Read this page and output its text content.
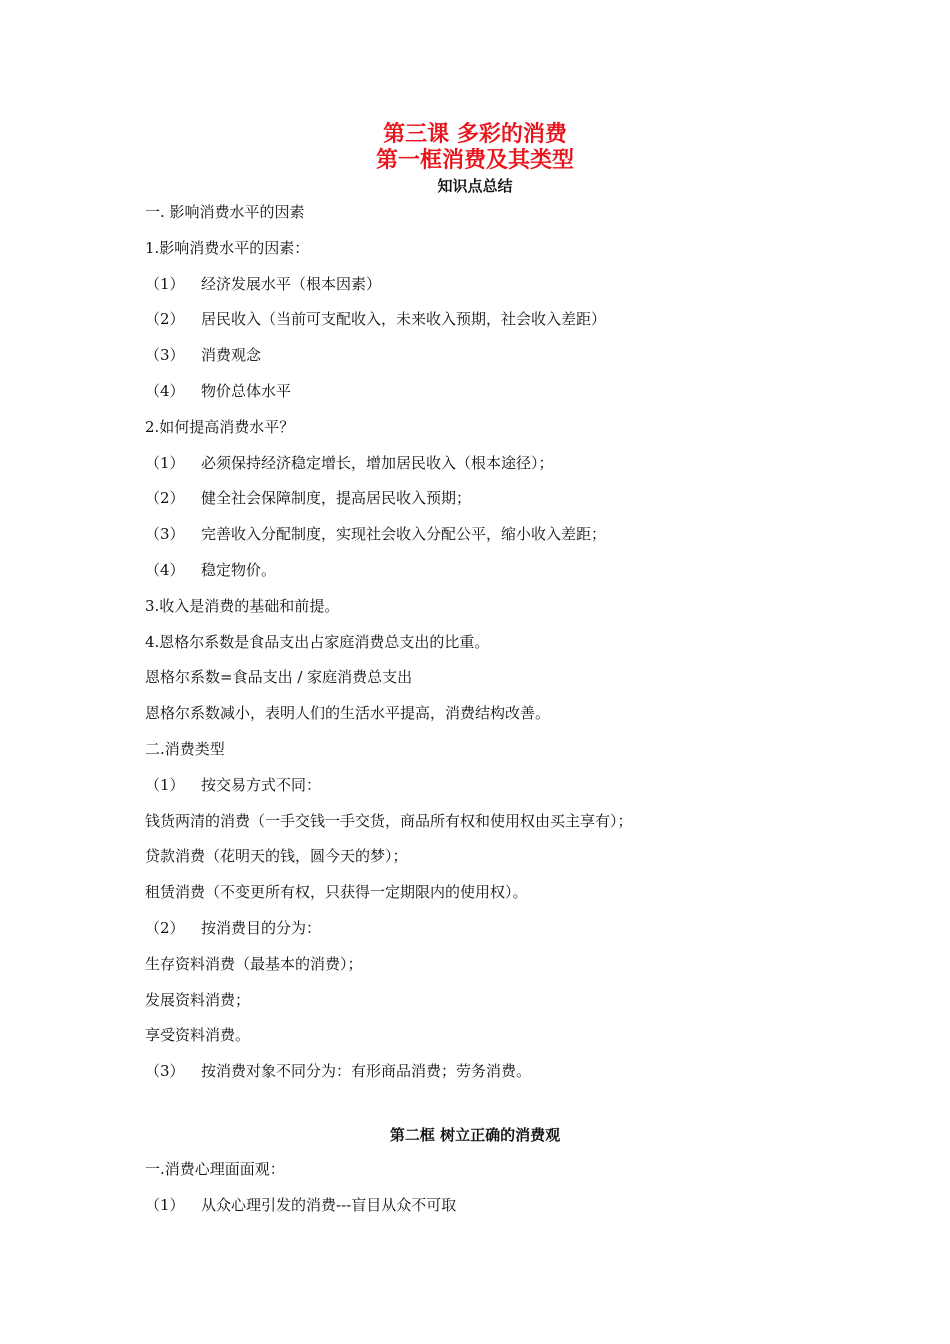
第三课 多彩的消费
第一框消费及其类型
知识点总结
一. 影响消费水平的因素
1.影响消费水平的因素：
（1） 经济发展水平（根本因素）
（2） 居民收入（当前可支配收入，未来收入预期，社会收入差距）
（3） 消费观念
（4） 物价总体水平
2.如何提高消费水平？
（1） 必须保持经济稳定增长，增加居民收入（根本途径）；
（2） 健全社会保障制度，提高居民收入预期；
（3） 完善收入分配制度，实现社会收入分配公平，缩小收入差距；
（4） 稳定物价。
3.收入是消费的基础和前提。
4.恩格尔系数是食品支出占家庭消费总支出的比重。
恩格尔系数=食品支出 / 家庭消费总支出
恩格尔系数减小，表明人们的生活水平提高，消费结构改善。
二.消费类型
（1） 按交易方式不同：
钱货两清的消费（一手交钱一手交货，商品所有权和使用权由买主享有）；
贷款消费（花明天的钱，圆今天的梦）；
租赁消费（不变更所有权，只获得一定期限内的使用权）。
（2） 按消费目的分为：
生存资料消费（最基本的消费）；
发展资料消费；
享受资料消费。
（3） 按消费对象不同分为：有形商品消费；劳务消费。
第二框 树立正确的消费观
一.消费心理面面观：
（1） 从众心理引发的消费---盲目从众不可取
